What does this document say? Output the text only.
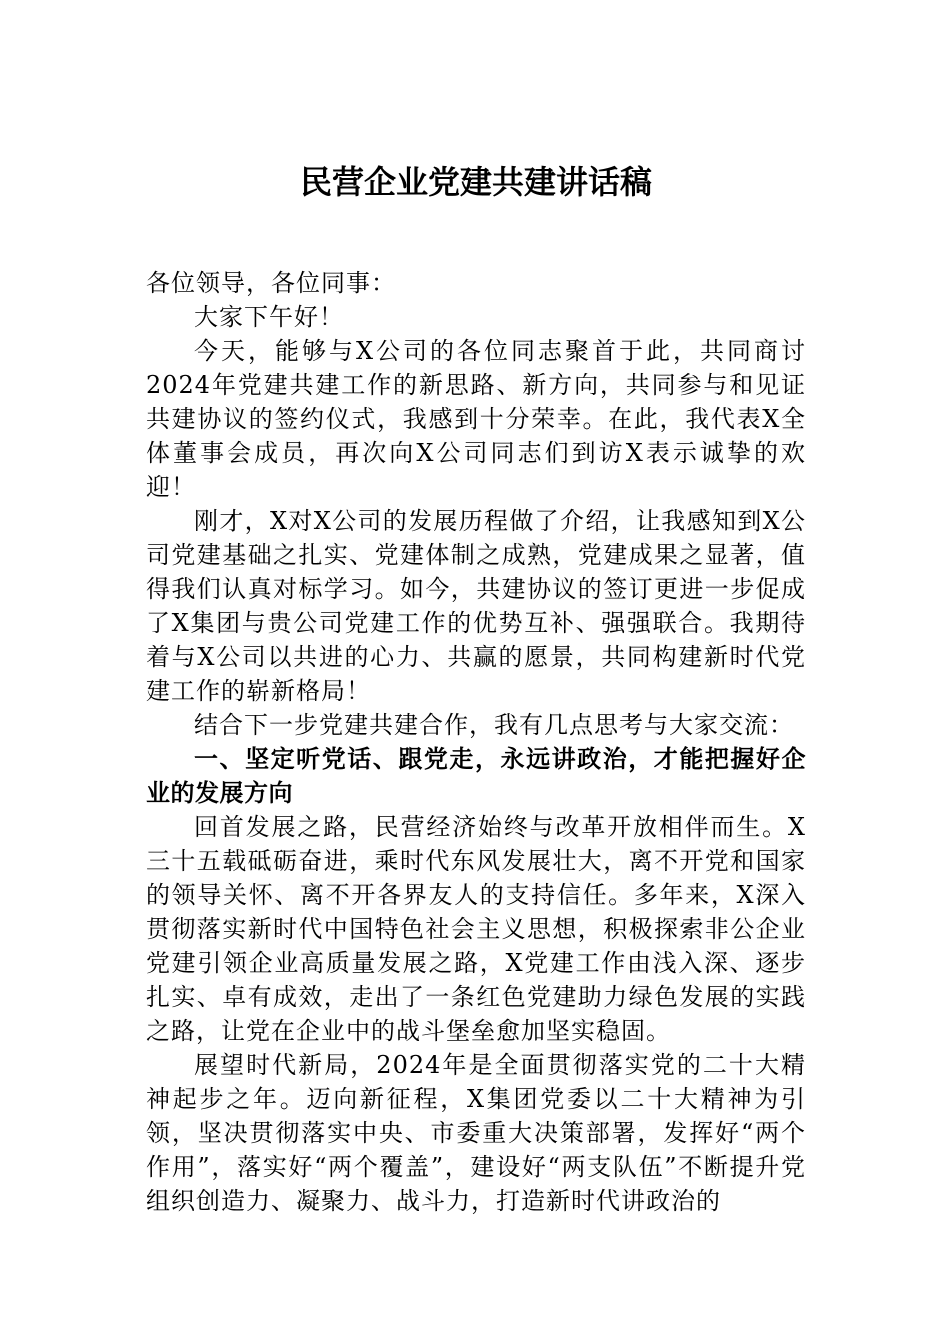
民营企业党建共建讲话稿

各位领导，各位同事：

大家下午好！

今天，能够与X公司的各位同志聚首于此，共同商讨2024年党建共建工作的新思路、新方向，共同参与和见证共建协议的签约仪式，我感到十分荣幸。在此，我代表X全体董事会成员，再次向X公司同志们到访X表示诚挚的欢迎！

刚才，X对X公司的发展历程做了介绍，让我感知到X公司党建基础之扎实、党建体制之成熟，党建成果之显著，值得我们认真对标学习。如今，共建协议的签订更进一步促成了X集团与贵公司党建工作的优势互补、强强联合。我期待着与X公司以共进的心力、共赢的愿景，共同构建新时代党建工作的崭新格局！

结合下一步党建共建合作，我有几点思考与大家交流：

一、坚定听党话、跟党走，永远讲政治，才能把握好企业的发展方向

回首发展之路，民营经济始终与改革开放相伴而生。X三十五载砥砺奋进，乘时代东风发展壮大，离不开党和国家的领导关怀、离不开各界友人的支持信任。多年来，X深入贯彻落实新时代中国特色社会主义思想，积极探索非公企业党建引领企业高质量发展之路，X党建工作由浅入深、逐步扎实、卓有成效，走出了一条红色党建助力绿色发展的实践之路，让党在企业中的战斗堡垒愈加坚实稳固。

展望时代新局，2024年是全面贯彻落实党的二十大精神起步之年。迈向新征程，X集团党委以二十大精神为引领，坚决贯彻落实中央、市委重大决策部署，发挥好“两个作用”，落实好“两个覆盖”，建设好“两支队伍”不断提升党组织创造力、凝聚力、战斗力，打造新时代讲政治的
